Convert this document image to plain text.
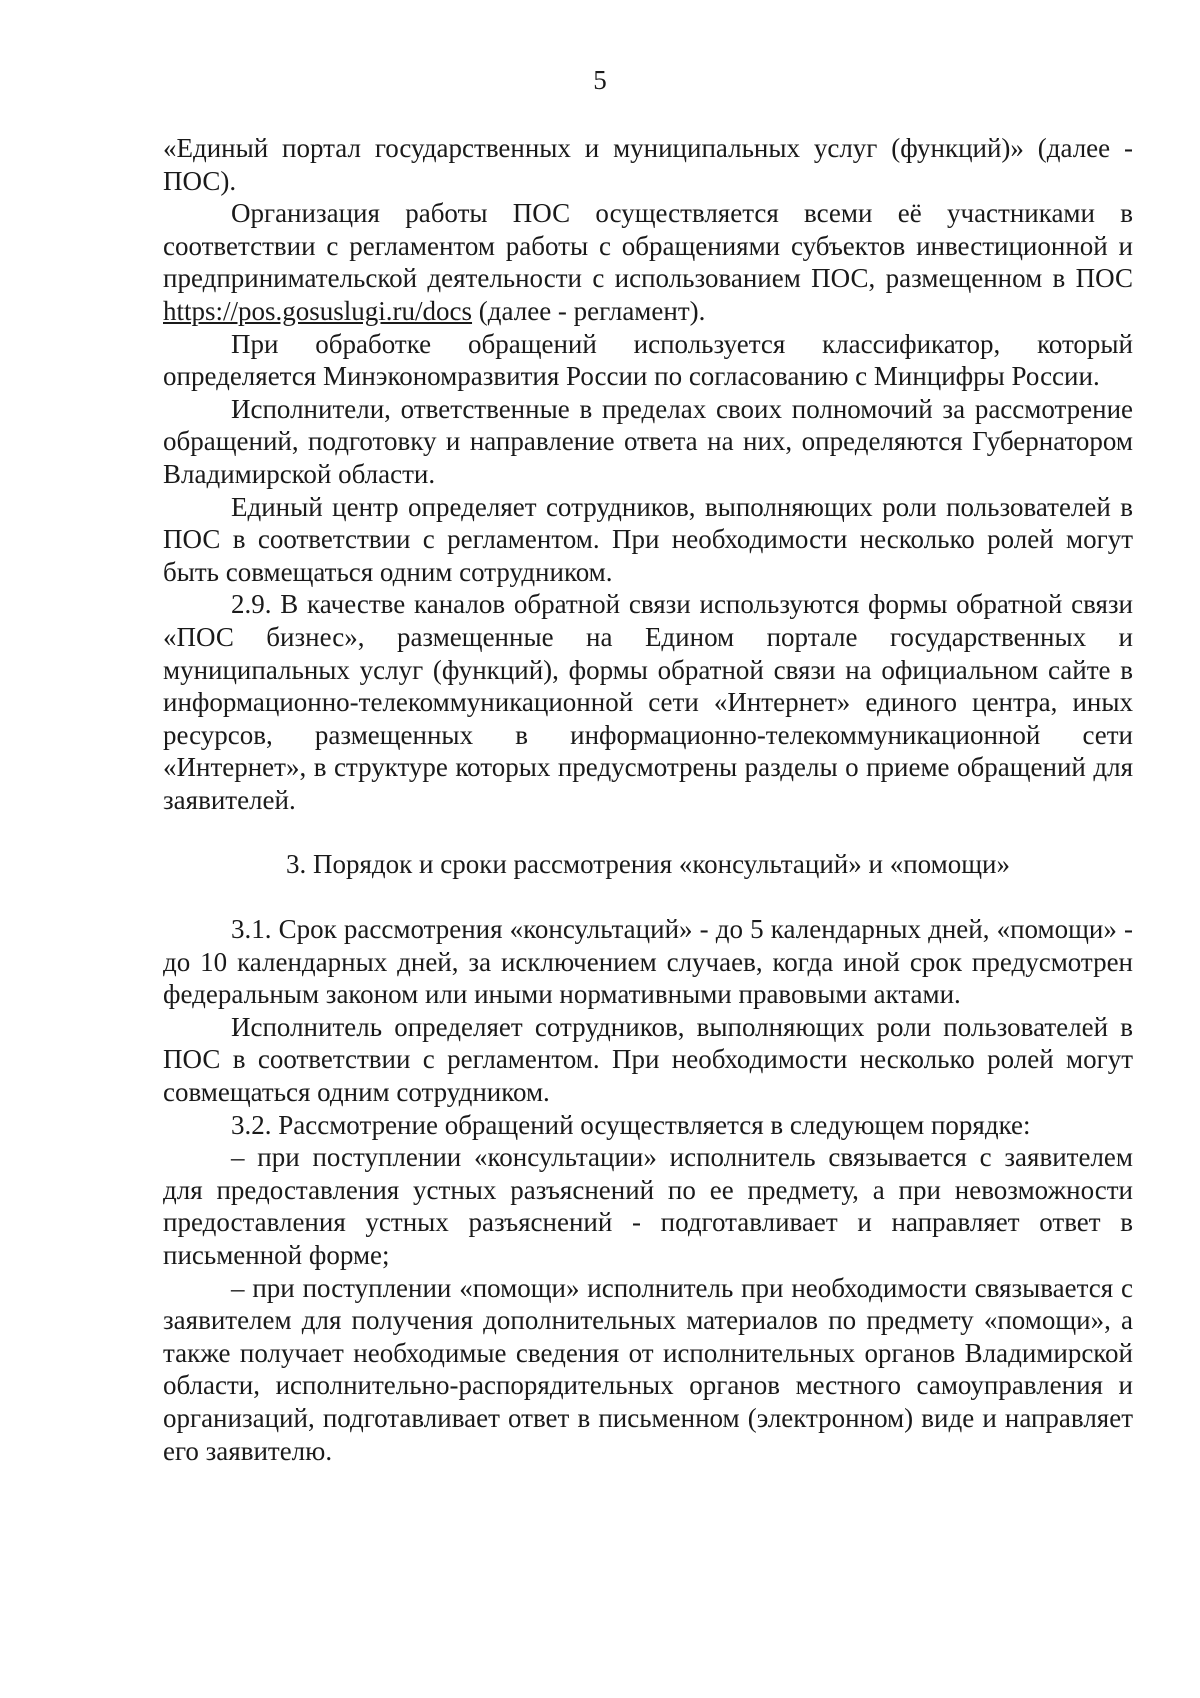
5

«Единый портал государственных и муниципальных услуг (функций)» (далее - ПОС).

Организация работы ПОС осуществляется всеми её участниками в соответствии с регламентом работы с обращениями субъектов инвестиционной и предпринимательской деятельности с использованием ПОС, размещенном в ПОС https://pos.gosuslugi.ru/docs (далее - регламент).

При обработке обращений используется классификатор, который определяется Минэкономразвития России по согласованию с Минцифры России.

Исполнители, ответственные в пределах своих полномочий за рассмотрение обращений, подготовку и направление ответа на них, определяются Губернатором Владимирской области.

Единый центр определяет сотрудников, выполняющих роли пользователей в ПОС в соответствии с регламентом. При необходимости несколько ролей могут быть совмещаться одним сотрудником.

2.9. В качестве каналов обратной связи используются формы обратной связи «ПОС бизнес», размещенные на Едином портале государственных и муниципальных услуг (функций), формы обратной связи на официальном сайте в информационно-телекоммуникационной сети «Интернет» единого центра, иных ресурсов, размещенных в информационно-телекоммуникационной сети «Интернет», в структуре которых предусмотрены разделы о приеме обращений для заявителей.

3. Порядок и сроки рассмотрения «консультаций» и «помощи»

3.1. Срок рассмотрения «консультаций» - до 5 календарных дней, «помощи» - до 10 календарных дней, за исключением случаев, когда иной срок предусмотрен федеральным законом или иными нормативными правовыми актами.

Исполнитель определяет сотрудников, выполняющих роли пользователей в ПОС в соответствии с регламентом. При необходимости несколько ролей могут совмещаться одним сотрудником.

3.2. Рассмотрение обращений осуществляется в следующем порядке:

– при поступлении «консультации» исполнитель связывается с заявителем для предоставления устных разъяснений по ее предмету, а при невозможности предоставления устных разъяснений - подготавливает и направляет ответ в письменной форме;

– при поступлении «помощи» исполнитель при необходимости связывается с заявителем для получения дополнительных материалов по предмету «помощи», а также получает необходимые сведения от исполнительных органов Владимирской области, исполнительно-распорядительных органов местного самоуправления и организаций, подготавливает ответ в письменном (электронном) виде и направляет его заявителю.
